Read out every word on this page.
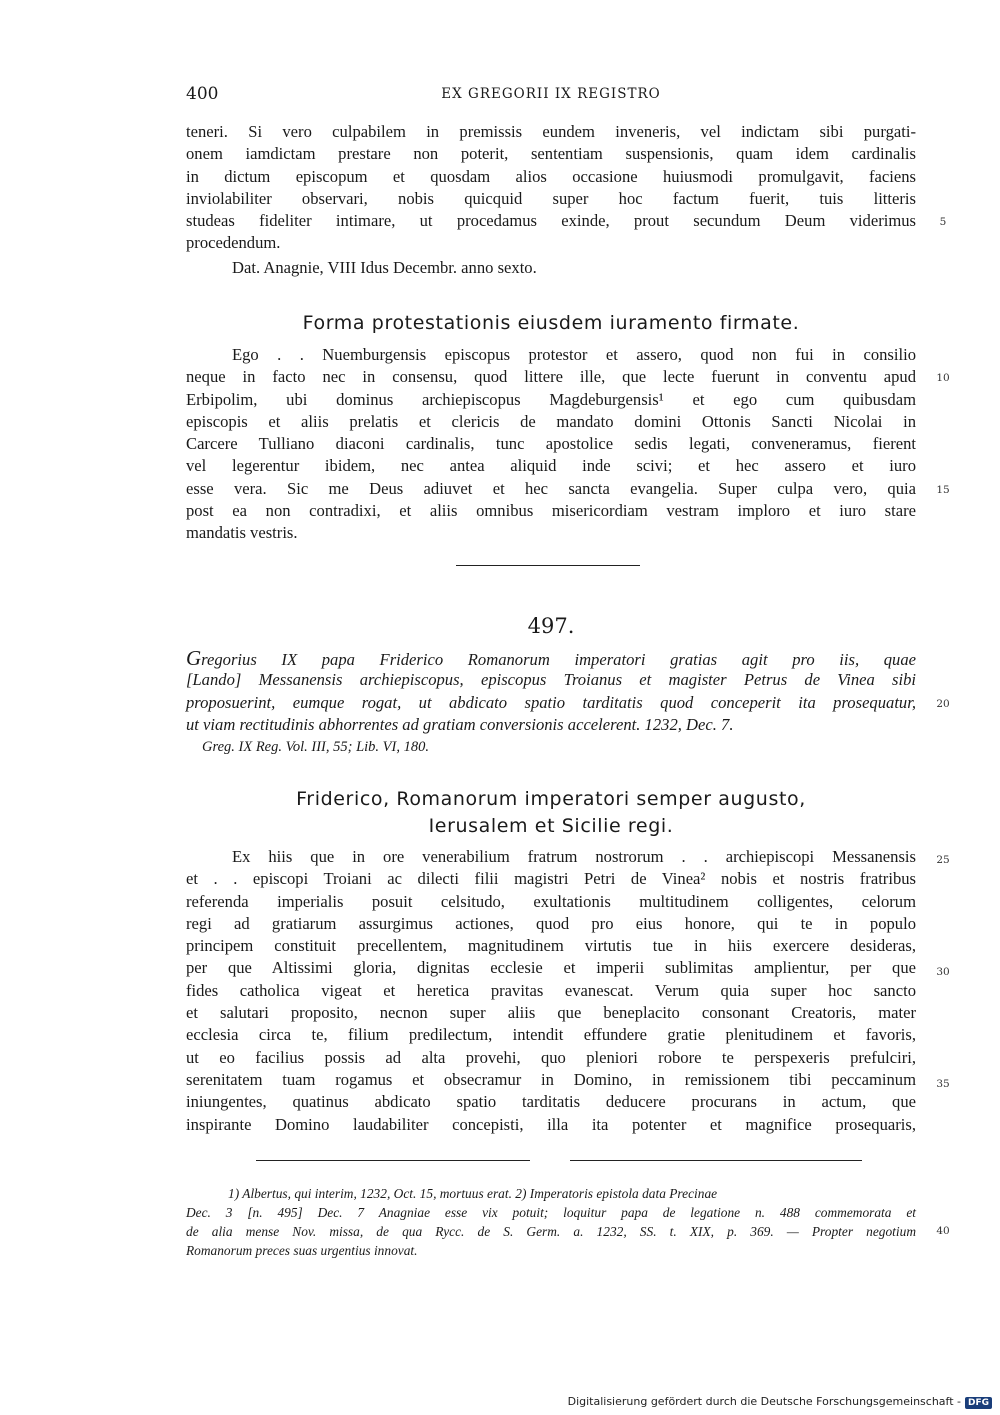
400	EX GREGORII IX REGISTRO
teneri. Si vero culpabilem in premissis eundem inveneris, vel indictam sibi purgati-
onem iamdictam prestare non poterit, sententiam suspensionis, quam idem cardinalis
in dictum episcopum et quosdam alios occasione huiusmodi promulgavit, faciens
inviolabiliter observari, nobis quicquid super hoc factum fuerit, tuis litteris
studeas fideliter intimare, ut procedamus exinde, prout secundum Deum viderimus
procedendum.
Dat. Anagnie, VIII Idus Decembr. anno sexto.
Forma protestationis eiusdem iuramento firmate.
Ego . . Nuemburgensis episcopus protestor et assero, quod non fui in consilio
neque in facto nec in consensu, quod littere ille, que lecte fuerunt in conventu apud
Erbipolim, ubi dominus archiepiscopus Magdeburgensis¹ et ego cum quibusdam
episcopis et aliis prelatis et clericis de mandato domini Ottonis Sancti Nicolai in
Carcere Tulliano diaconi cardinalis, tunc apostolice sedis legati, conveneramus, fierent
vel legerentur ibidem, nec antea aliquid inde scivi; et hec assero et iuro
esse vera. Sic me Deus adiuvet et hec sancta evangelia. Super culpa vero, quia
post ea non contradixi, et aliis omnibus misericordiam vestram imploro et iuro stare
mandatis vestris.
497.
Gregorius IX papa Friderico Romanorum imperatori gratias agit pro iis, quae
[Lando] Messanensis archiepiscopus, episcopus Troianus et magister Petrus de Vinea sibi
proposuerint, eumque rogat, ut abdicato spatio tarditatis quod conceperit ita prosequatur,
ut viam rectitudinis abhorrentes ad gratiam conversionis accelerent. 1232, Dec. 7.
Greg. IX Reg. Vol. III, 55; Lib. VI, 180.
Friderico, Romanorum imperatori semper augusto,
Ierusalem et Sicilie regi.
Ex hiis que in ore venerabilium fratrum nostrorum . . archiepiscopi Messanensis
et . . episcopi Troiani ac dilecti filii magistri Petri de Vinea² nobis et nostris fratribus
referenda imperialis posuit celsitudo, exultationis multitudinem colligentes, celorum
regi ad gratiarum assurgimus actiones, quod pro eius honore, qui te in populo
principem constituit precellentem, magnitudinem virtutis tue in hiis exercere desideras,
per que Altissimi gloria, dignitas ecclesie et imperii sublimitas amplientur, per que
fides catholica vigeat et heretica pravitas evanescat. Verum quia super hoc sancto
et salutari proposito, necnon super aliis que beneplacito consonant Creatoris, mater
ecclesia circa te, filium predilectum, intendit effundere gratie plenitudinem et favoris,
ut eo facilius possis ad alta provehi, quo pleniori robore te perspexeris prefulciri,
serenitatem tuam rogamus et obsecramur in Domino, in remissionem tibi peccaminum
iniungentes, quatinus abdicato spatio tarditatis deducere procurans in actum, que
inspirante Domino laudabiliter concepisti, illa ita potenter et magnifice prosequaris,
1) Albertus, qui interim, 1232, Oct. 15, mortuus erat. 2) Imperatoris epistola data Precinae
Dec. 3 [n. 495] Dec. 7 Anagniae esse vix potuit; loquitur papa de legatione n. 488 commemorata et
de alia mense Nov. missa, de qua Rycc. de S. Germ. a. 1232, SS. t. XIX, p. 369. — Propter negotium
Romanorum preces suas urgentius innovat.
5
10
15
20
25
30
35
40
Digitalisierung gefördert durch die Deutsche Forschungsgemeinschaft - DFG
